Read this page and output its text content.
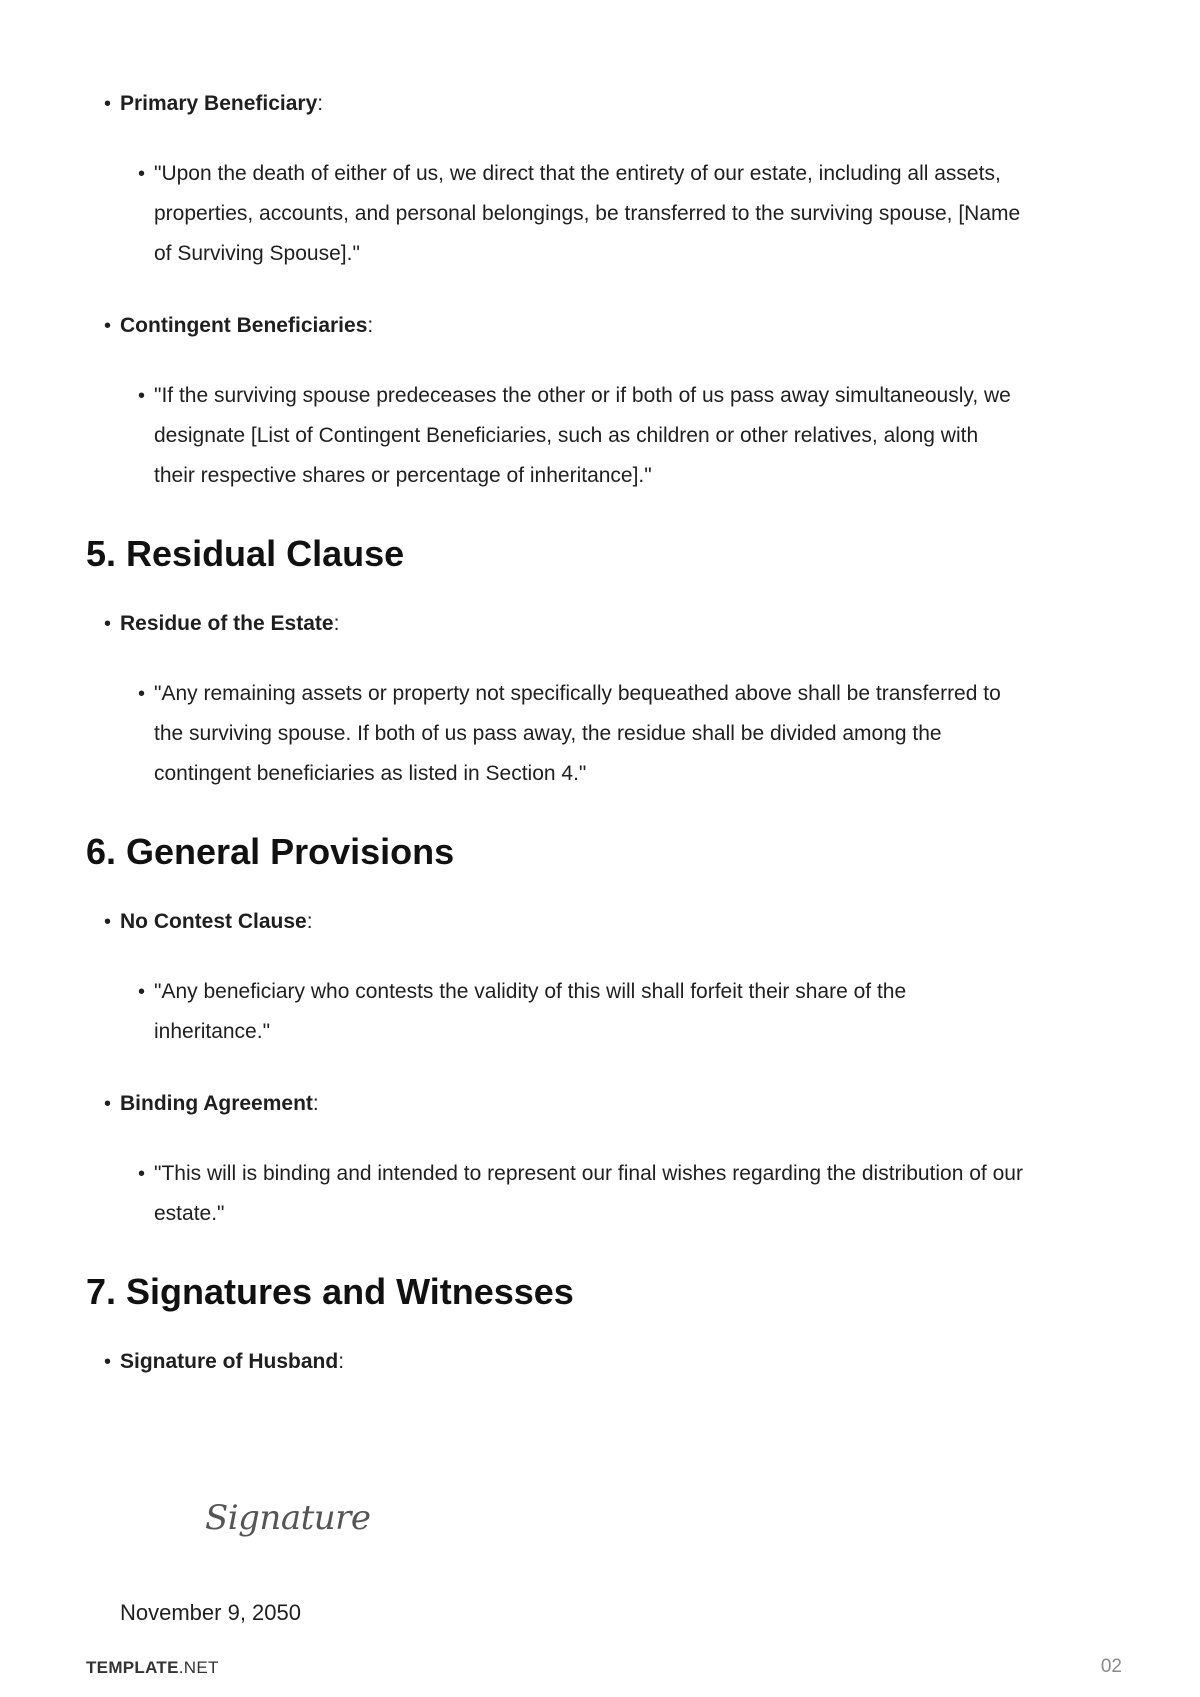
• Primary Beneficiary:
• "Upon the death of either of us, we direct that the entirety of our estate, including all assets, properties, accounts, and personal belongings, be transferred to the surviving spouse, [Name of Surviving Spouse]."
• Contingent Beneficiaries:
• "If the surviving spouse predeceases the other or if both of us pass away simultaneously, we designate [List of Contingent Beneficiaries, such as children or other relatives, along with their respective shares or percentage of inheritance]."
5. Residual Clause
• Residue of the Estate:
• "Any remaining assets or property not specifically bequeathed above shall be transferred to the surviving spouse. If both of us pass away, the residue shall be divided among the contingent beneficiaries as listed in Section 4."
6. General Provisions
• No Contest Clause:
• "Any beneficiary who contests the validity of this will shall forfeit their share of the inheritance."
• Binding Agreement:
• "This will is binding and intended to represent our final wishes regarding the distribution of our estate."
7. Signatures and Witnesses
• Signature of Husband:
Signature
November 9, 2050
TEMPLATE.NET	02
